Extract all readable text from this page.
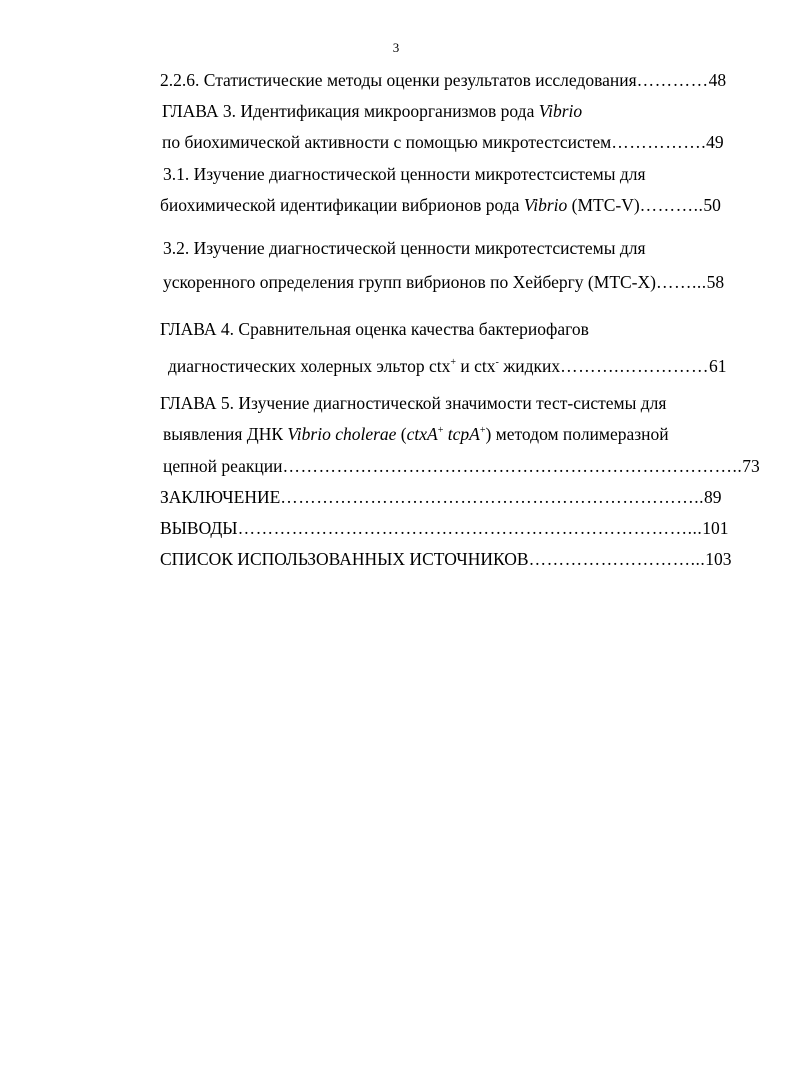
3
2.2.6. Статистические методы оценки результатов исследования…………48
ГЛАВА 3. Идентификация микроорганизмов рода Vibrio
по биохимической активности с помощью микротестсистем…………….49
3.1. Изучение диагностической ценности микротестсистемы для
биохимической идентификации вибрионов рода Vibrio (МТС-V)………..50
3.2. Изучение диагностической ценности микротестсистемы для
ускоренного определения групп вибрионов по Хейбергу (МТС-Х)……...58
ГЛАВА 4. Сравнительная оценка качества бактериофагов
диагностических холерных эльтор ctx+ и ctx- жидких……….……………61
ГЛАВА 5. Изучение диагностической значимости тест-системы для
выявления ДНК Vibrio cholerae (ctxA+ tcpA+) методом полимеразной
цепной реакции…………………………………………………………………..73
ЗАКЛЮЧЕНИЕ……………………………………………………………..89
ВЫВОДЫ…………………………………………………………………...101
СПИСОК ИСПОЛЬЗОВАННЫХ ИСТОЧНИКОВ………………………...103
